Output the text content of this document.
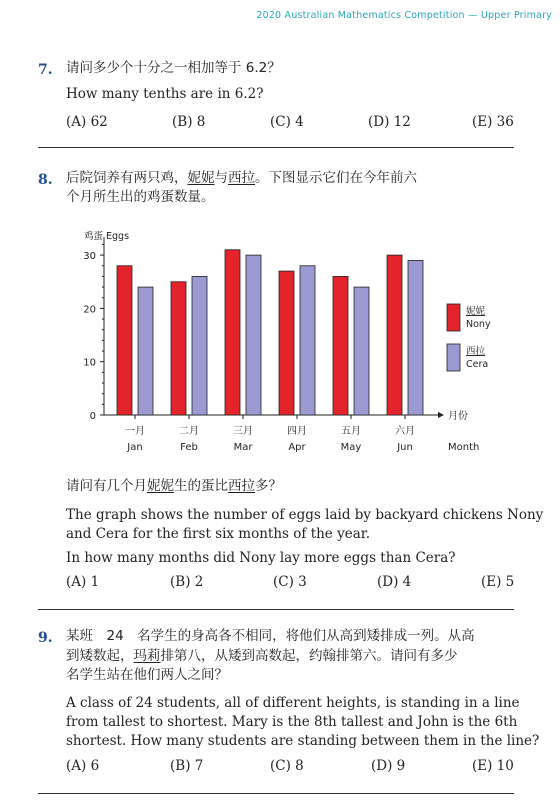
2020 Australian Mathematics Competition — Upper Primary
7. 请问多少个十分之一相加等于 6.2？
How many tenths are in 6.2?
(A) 62	(B) 8	(C) 4	(D) 12	(E) 36
8. 后院饲养有两只鸡，妮妮与西拉。下图显示它们在今年前六
个月所生出的鸡蛋数量。
0
10
20
30
鸡蛋 Eggs
一月
Jan
二月
Feb
三月
Mar
四月
Apr
五月
May
六月
Jun
月份
Month
妮妮
Nony
西拉
Cera
请问有几个月妮妮生的蛋比西拉多？
The graph shows the number of eggs laid by backyard chickens Nony
and Cera for the first six months of the year.
In how many months did Nony lay more eggs than Cera?
(A) 1	(B) 2	(C) 3	(D) 4	(E) 5
9. 某班　24　名学生的身高各不相同，将他们从高到矮排成一列。从高
到矮数起，玛莉排第八，从矮到高数起，约翰排第六。请问有多少
名学生站在他们两人之间？
A class of 24 students, all of different heights, is standing in a line
from tallest to shortest. Mary is the 8th tallest and John is the 6th
shortest. How many students are standing between them in the line?
(A) 6	(B) 7	(C) 8	(D) 9	(E) 10
